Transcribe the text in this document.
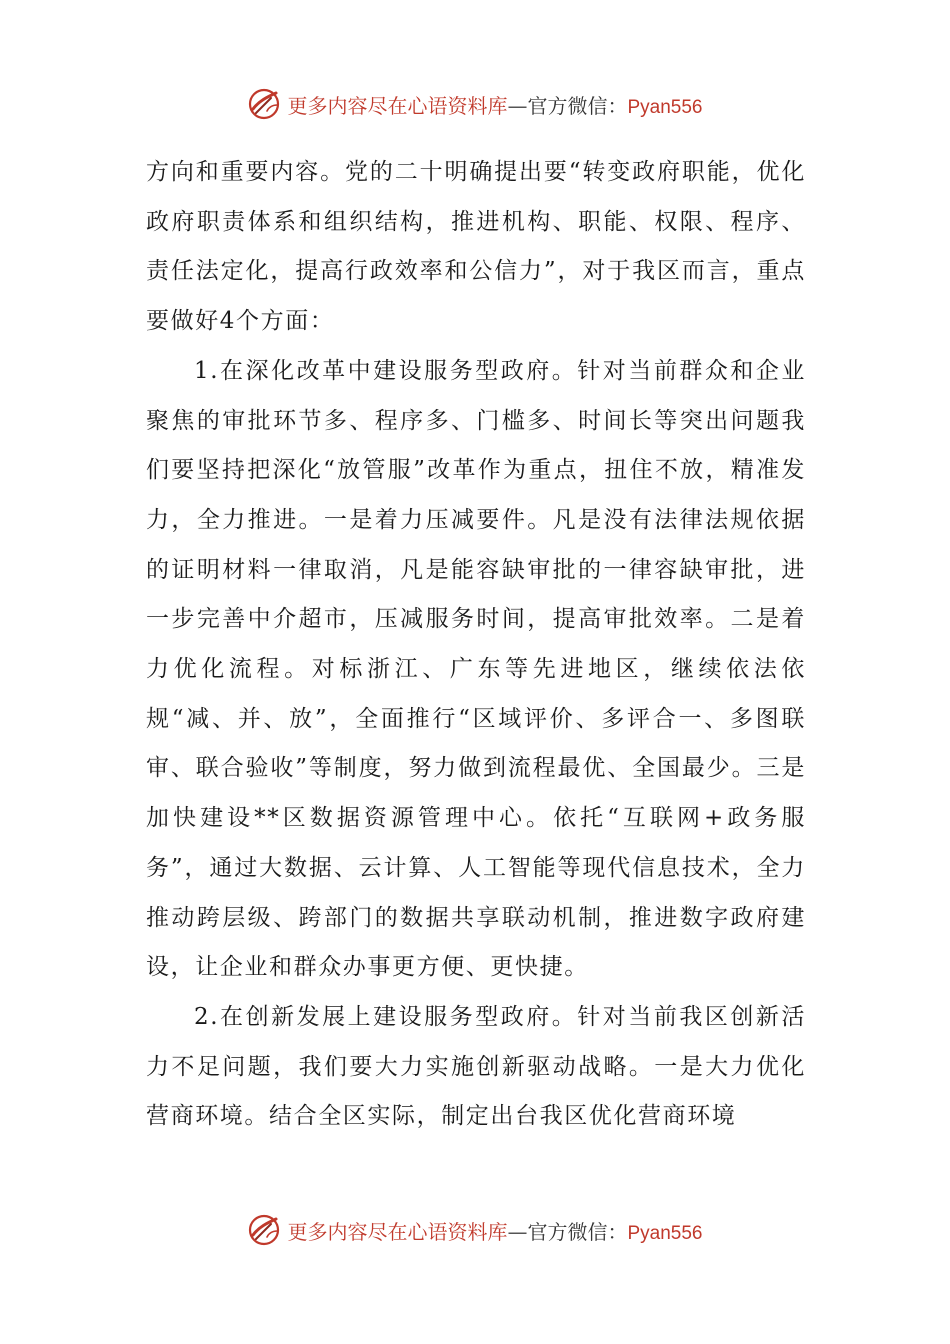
更多内容尽在心语资料库 — 官方微信： Pyan556

方向和重要内容。党的二十明确提出要“转变政府职能，优化政府职责体系和组织结构，推进机构、职能、权限、程序、责任法定化，提高行政效率和公信力”，对于我区而言，重点要做好4个方面：

1.在深化改革中建设服务型政府。针对当前群众和企业聚焦的审批环节多、程序多、门槛多、时间长等突出问题我们要坚持把深化“放管服”改革作为重点，扭住不放，精准发力，全力推进。一是着力压减要件。凡是没有法律法规依据的证明材料一律取消，凡是能容缺审批的一律容缺审批，进一步完善中介超市，压减服务时间，提高审批效率。二是着力优化流程。对标浙江、广东等先进地区，继续依法依规“减、并、放”，全面推行“区域评价、多评合一、多图联审、联合验收”等制度，努力做到流程最优、全国最少。三是加快建设**区数据资源管理中心。依托“互联网+政务服务”，通过大数据、云计算、人工智能等现代信息技术，全力推动跨层级、跨部门的数据共享联动机制，推进数字政府建设，让企业和群众办事更方便、更快捷。

2.在创新发展上建设服务型政府。针对当前我区创新活力不足问题，我们要大力实施创新驱动战略。一是大力优化营商环境。结合全区实际，制定出台我区优化营商环境

更多内容尽在心语资料库 — 官方微信： Pyan556
